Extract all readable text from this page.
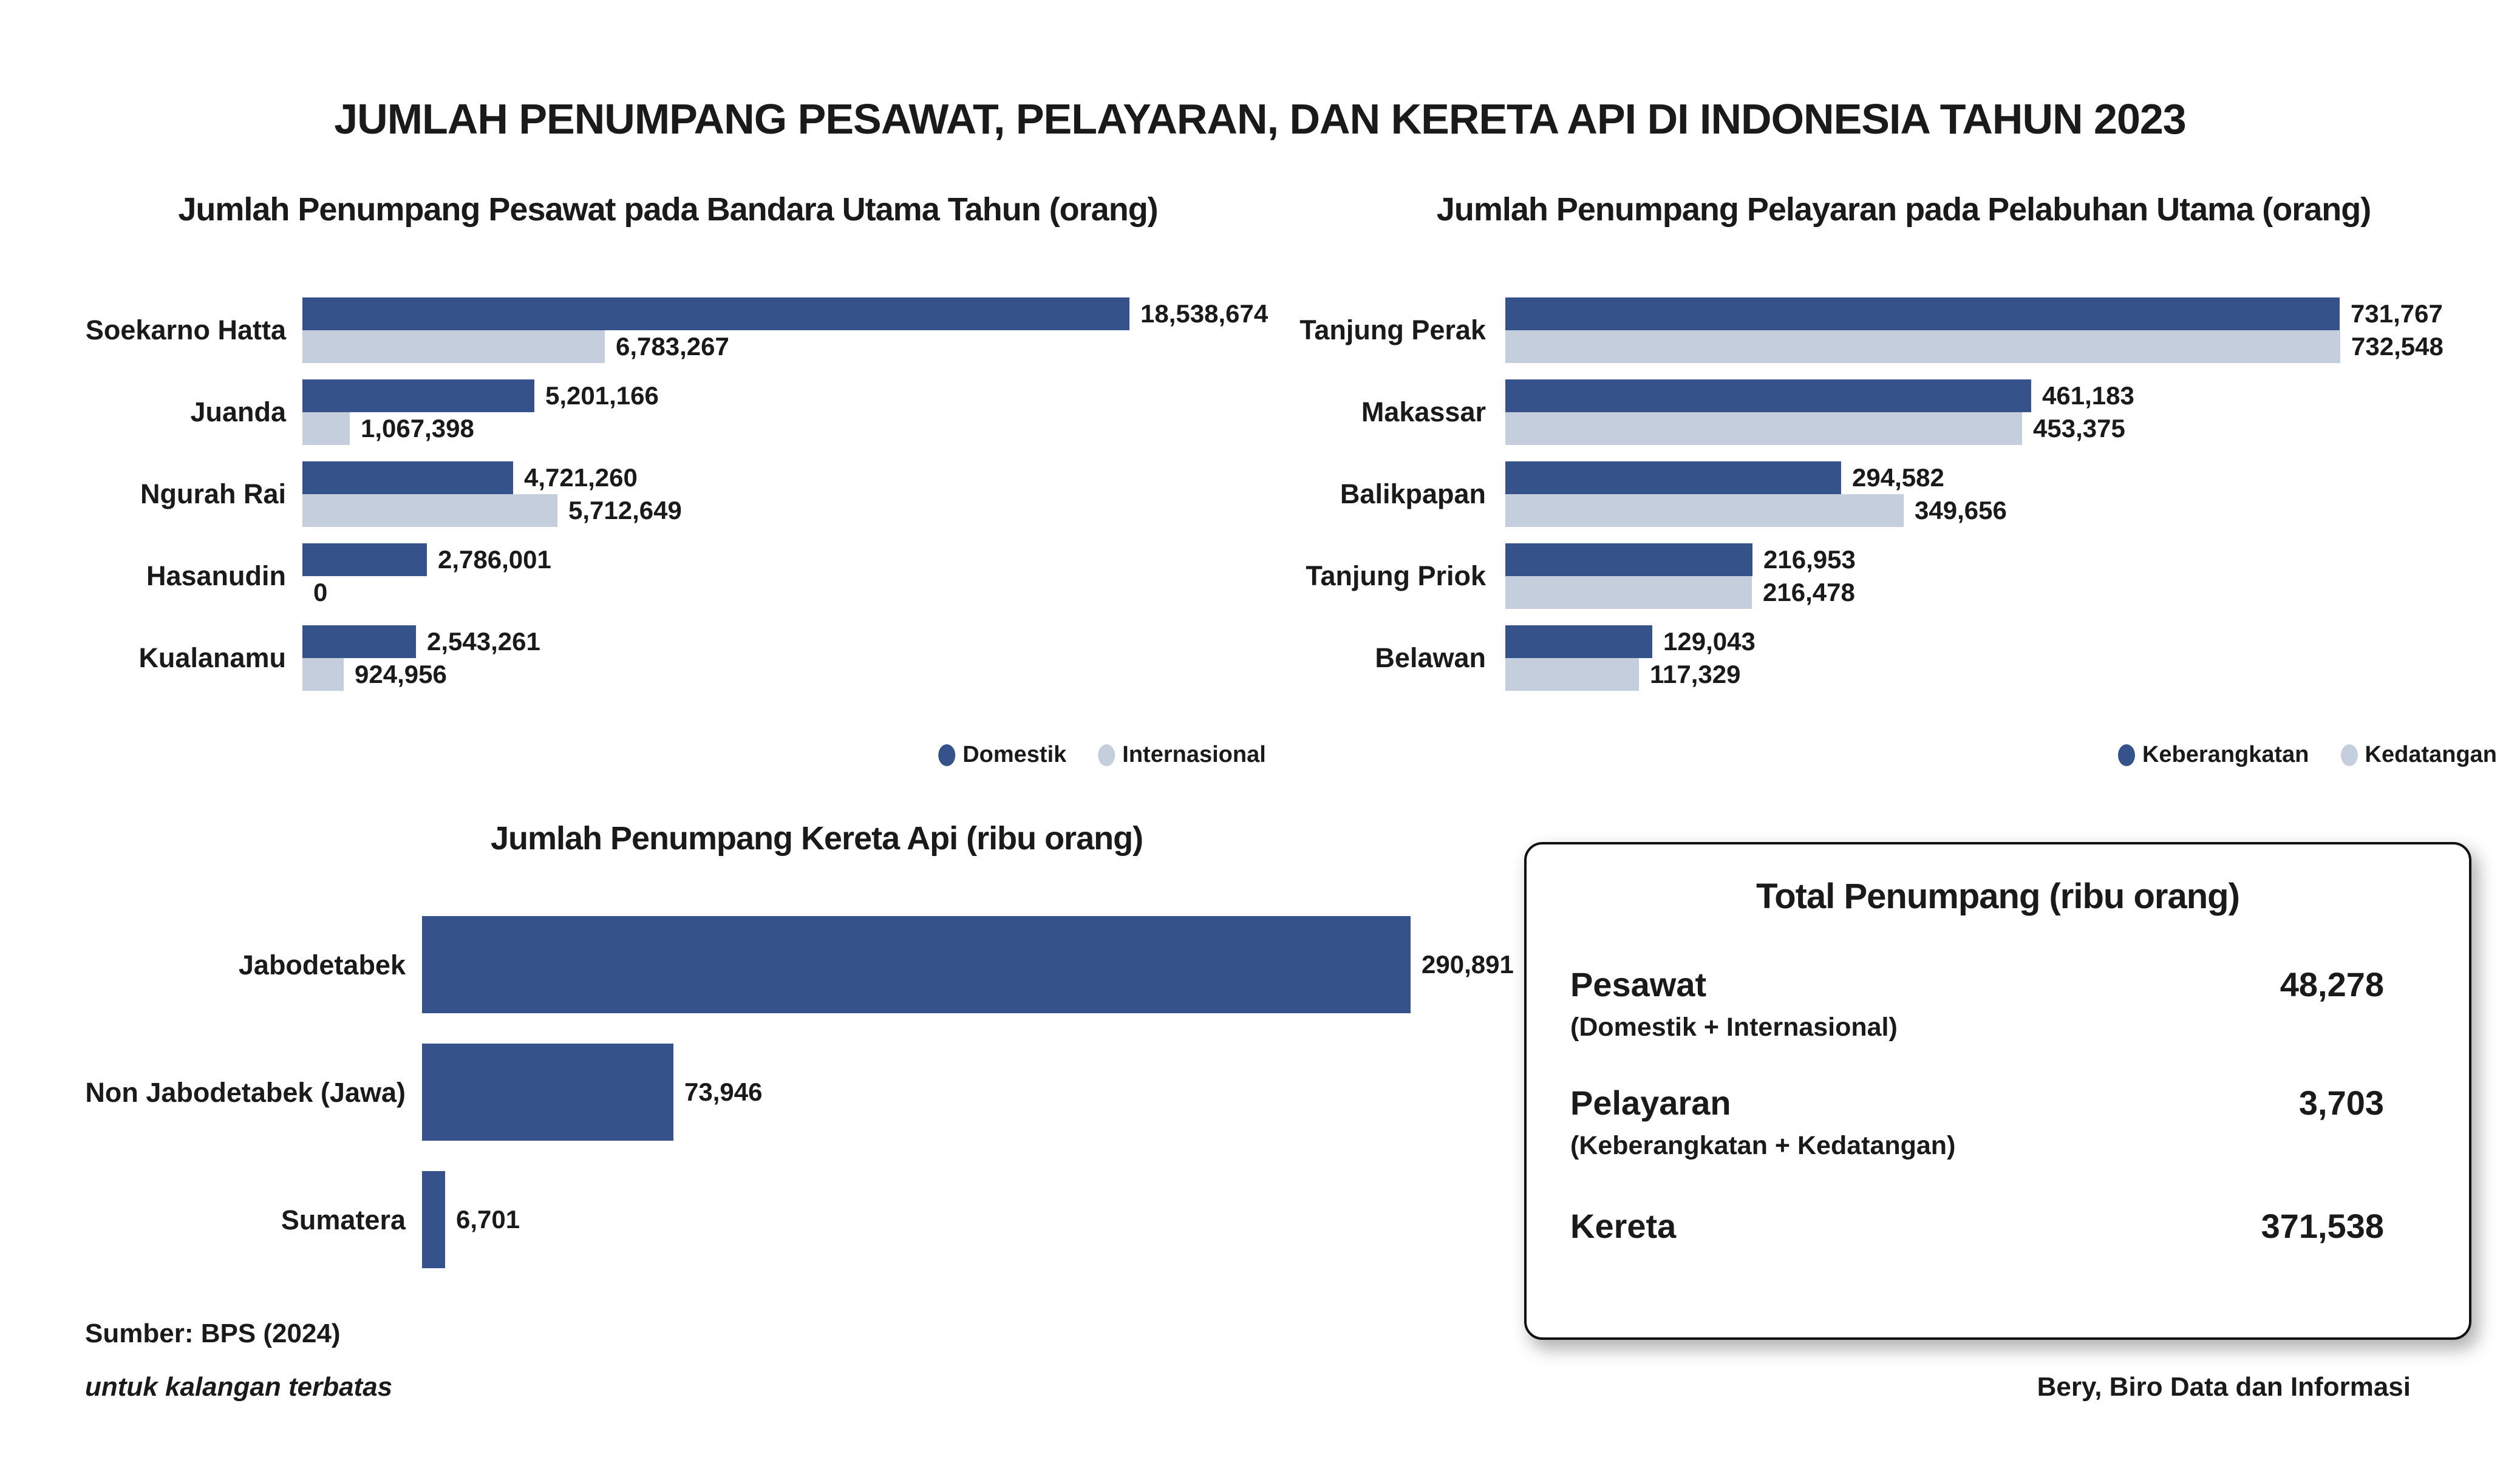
JUMLAH PENUMPANG PESAWAT, PELAYARAN, DAN KERETA API DI INDONESIA TAHUN 2023
Jumlah Penumpang Pesawat pada Bandara Utama Tahun (orang)
Soekarno Hatta
18,538,674
6,783,267
Juanda
5,201,166
1,067,398
Ngurah Rai
4,721,260
5,712,649
Hasanudin
2,786,001
0
Kualanamu
2,543,261
924,956
Domestik Internasional
Jumlah Penumpang Pelayaran pada Pelabuhan Utama (orang)
Tanjung Perak
731,767
732,548
Makassar
461,183
453,375
Balikpapan
294,582
349,656
Tanjung Priok
216,953
216,478
Belawan
129,043
117,329
Keberangkatan Kedatangan
Jumlah Penumpang Kereta Api (ribu orang)
Jabodetabek	290,891
Non Jabodetabek (Jawa)	73,946
Sumatera	6,701
Total Penumpang (ribu orang)
Pesawat	48,278
(Domestik + Internasional)
Pelayaran	3,703
(Keberangkatan + Kedatangan)
Kereta	371,538
Sumber: BPS (2024)
untuk kalangan terbatas	Bery, Biro Data dan Informasi
